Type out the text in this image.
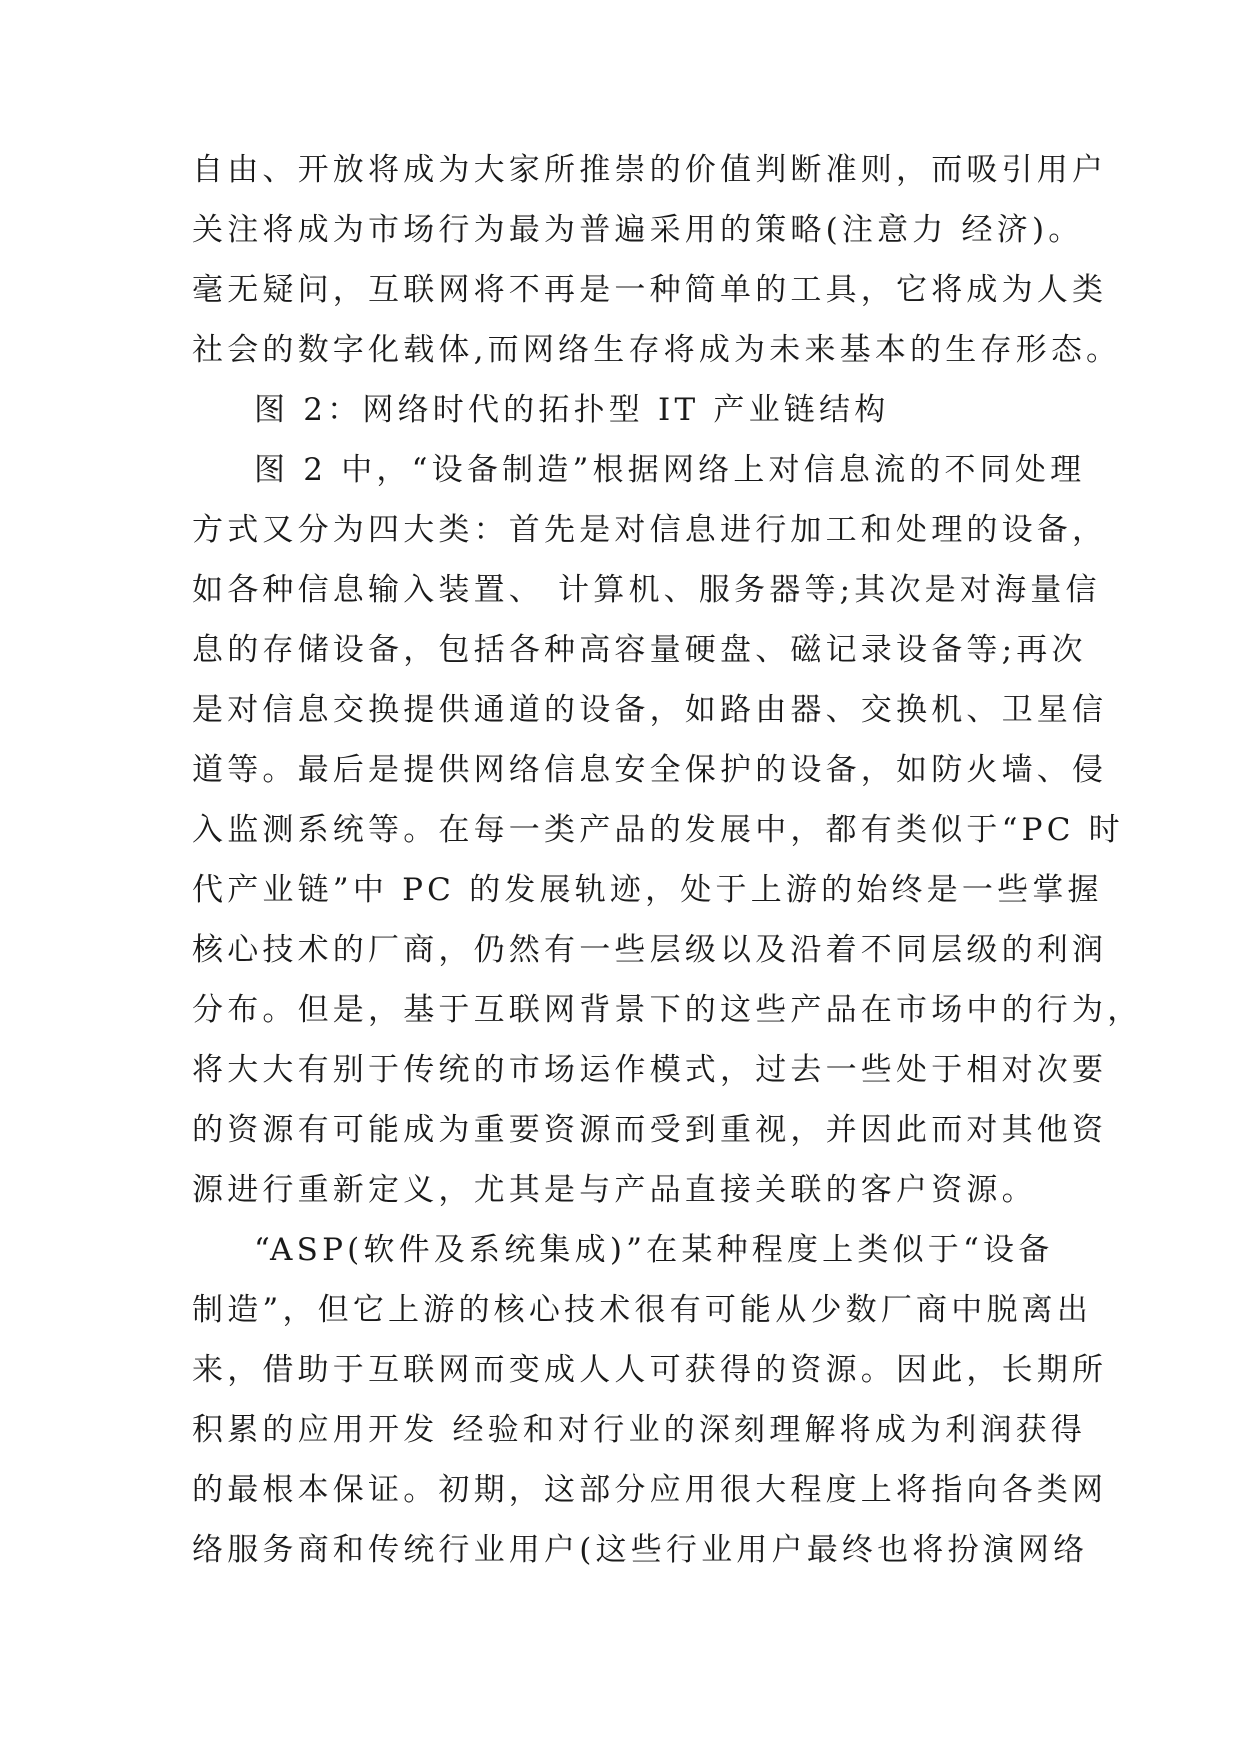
自由、开放将成为大家所推崇的价值判断准则，而吸引用户
关注将成为市场行为最为普遍采用的策略(注意力 经济)。
毫无疑问，互联网将不再是一种简单的工具，它将成为人类
社会的数字化载体,而网络生存将成为未来基本的生存形态。
图 2：网络时代的拓扑型 IT 产业链结构
图 2 中，“设备制造”根据网络上对信息流的不同处理
方式又分为四大类：首先是对信息进行加工和处理的设备，
如各种信息输入装置、 计算机、服务器等;其次是对海量信
息的存储设备，包括各种高容量硬盘、磁记录设备等;再次
是对信息交换提供通道的设备，如路由器、交换机、卫星信
道等。最后是提供网络信息安全保护的设备，如防火墙、侵
入监测系统等。在每一类产品的发展中，都有类似于“PC 时
代产业链”中 PC 的发展轨迹，处于上游的始终是一些掌握
核心技术的厂商，仍然有一些层级以及沿着不同层级的利润
分布。但是，基于互联网背景下的这些产品在市场中的行为，
将大大有别于传统的市场运作模式，过去一些处于相对次要
的资源有可能成为重要资源而受到重视，并因此而对其他资
源进行重新定义，尤其是与产品直接关联的客户资源。
“ASP(软件及系统集成)”在某种程度上类似于“设备
制造”，但它上游的核心技术很有可能从少数厂商中脱离出
来，借助于互联网而变成人人可获得的资源。因此，长期所
积累的应用开发 经验和对行业的深刻理解将成为利润获得
的最根本保证。初期，这部分应用很大程度上将指向各类网
络服务商和传统行业用户(这些行业用户最终也将扮演网络
